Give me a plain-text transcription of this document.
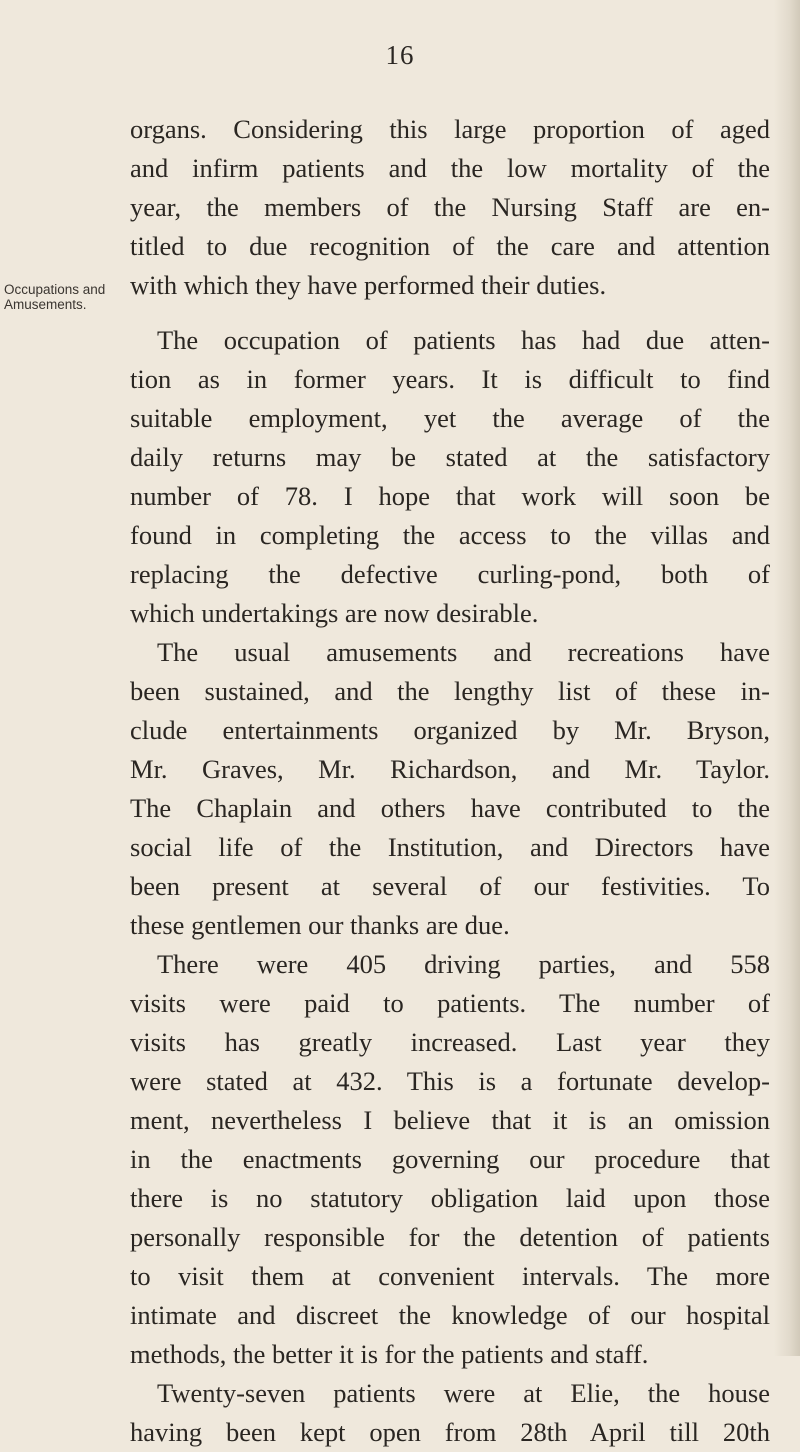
16
Occupations and
Amusements.
organs. Considering this large proportion of aged
and infirm patients and the low mortality of the
year, the members of the Nursing Staff are en-
titled to due recognition of the care and attention
with which they have performed their duties.
The occupation of patients has had due atten-
tion as in former years. It is difficult to find
suitable employment, yet the average of the
daily returns may be stated at the satisfactory
number of 78. I hope that work will soon be
found in completing the access to the villas and
replacing the defective curling-pond, both of
which undertakings are now desirable.
The usual amusements and recreations have
been sustained, and the lengthy list of these in-
clude entertainments organized by Mr. Bryson,
Mr. Graves, Mr. Richardson, and Mr. Taylor.
The Chaplain and others have contributed to the
social life of the Institution, and Directors have
been present at several of our festivities. To
these gentlemen our thanks are due.
There were 405 driving parties, and 558
visits were paid to patients. The number of
visits has greatly increased. Last year they
were stated at 432. This is a fortunate develop-
ment, nevertheless I believe that it is an omission
in the enactments governing our procedure that
there is no statutory obligation laid upon those
personally responsible for the detention of patients
to visit them at convenient intervals. The more
intimate and discreet the knowledge of our hospital
methods, the better it is for the patients and staff.
Twenty-seven patients were at Elie, the house
having been kept open from 28th April till 20th
